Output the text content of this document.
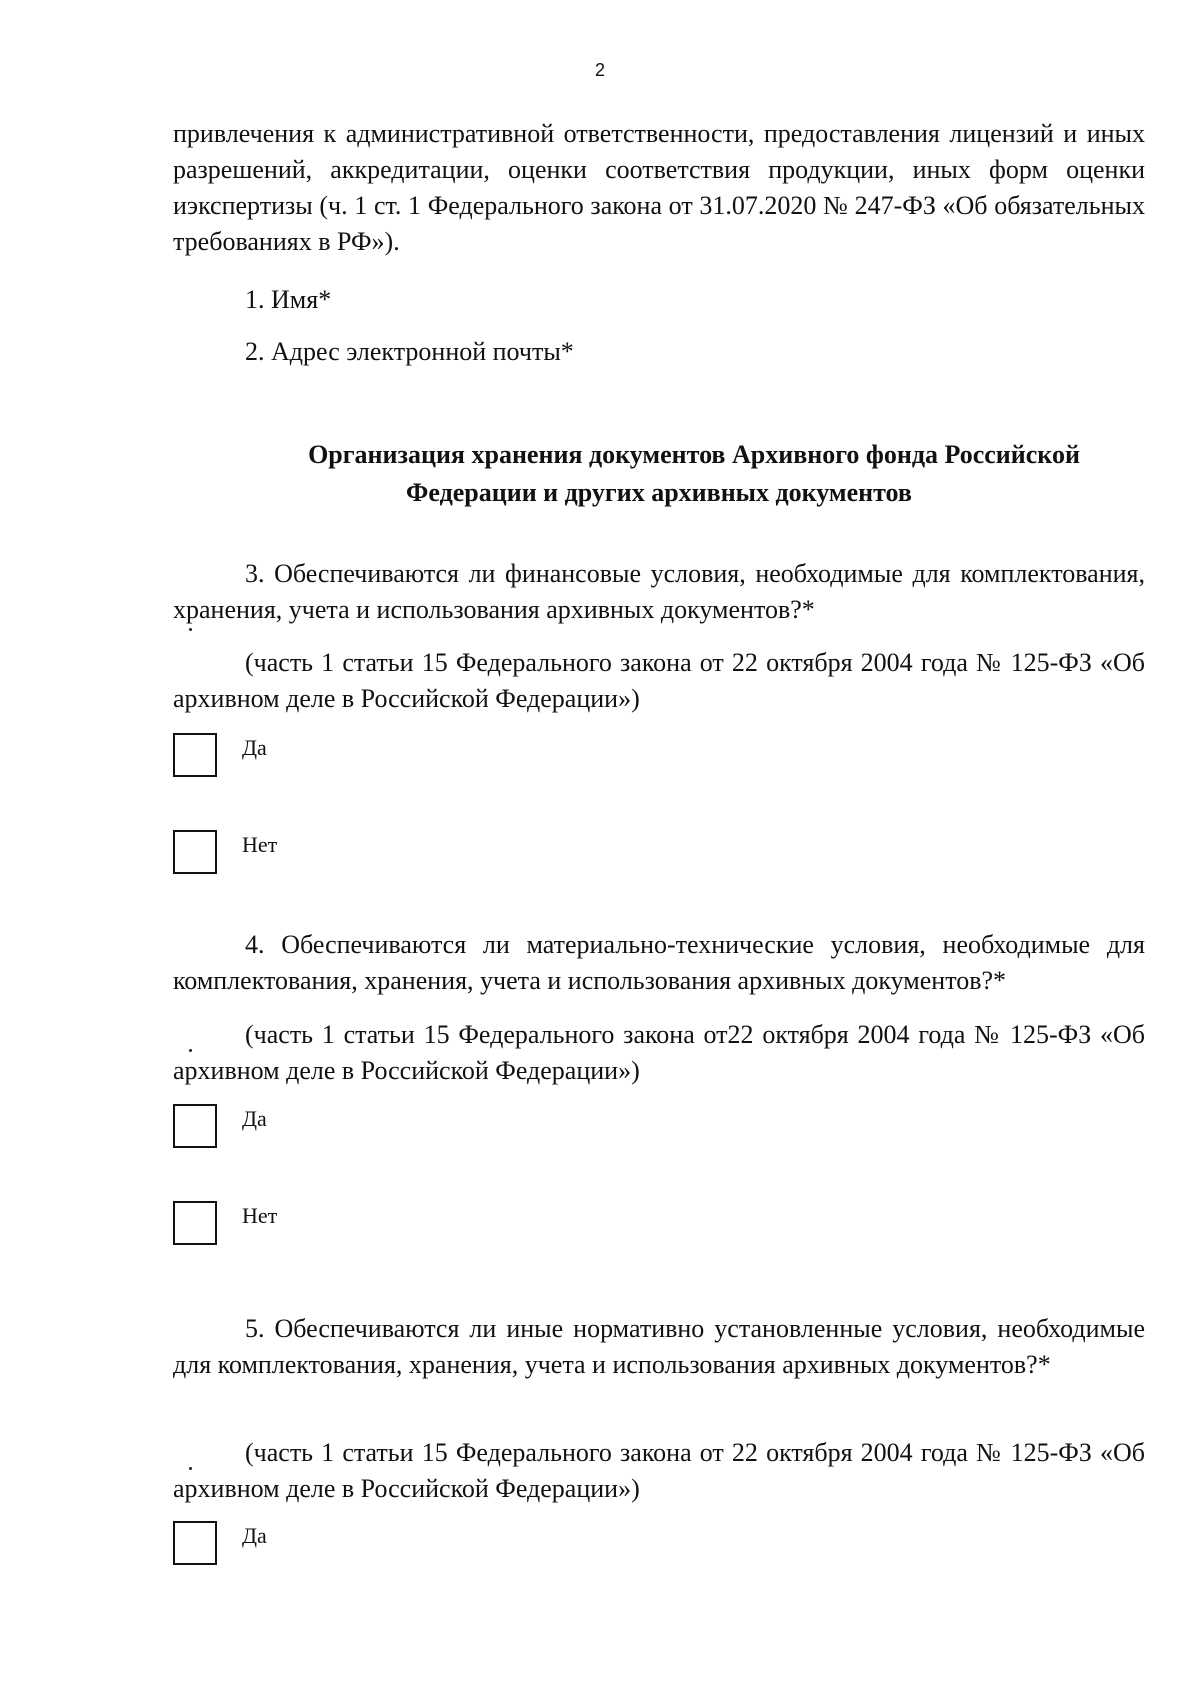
2
привлечения к административной ответственности, предоставления лицензий и иных разрешений, аккредитации, оценки соответствия продукции, иных форм оценки иэкспертизы (ч. 1 ст. 1 Федерального закона от 31.07.2020 № 247-ФЗ «Об обязательных требованиях в РФ»).
1. Имя*
2. Адрес электронной почты*
Организация хранения документов Архивного фонда Российской
Федерации и других архивных документов
3. Обеспечиваются ли финансовые условия, необходимые для комплектования, хранения, учета и использования архивных документов?*
(часть 1 статьи 15 Федерального закона от 22 октября 2004 года № 125-ФЗ «Об архивном деле в Российской Федерации»)
Да
Нет
4. Обеспечиваются ли материально-технические условия, необходимые для комплектования, хранения, учета и использования архивных документов?*
(часть 1 статьи 15 Федерального закона от22 октября 2004 года № 125-ФЗ «Об архивном деле в Российской Федерации»)
Да
Нет
5. Обеспечиваются ли иные нормативно установленные условия, необходимые для комплектования, хранения, учета и использования архивных документов?*
(часть 1 статьи 15 Федерального закона от 22 октября 2004 года № 125-ФЗ «Об архивном деле в Российской Федерации»)
Да
